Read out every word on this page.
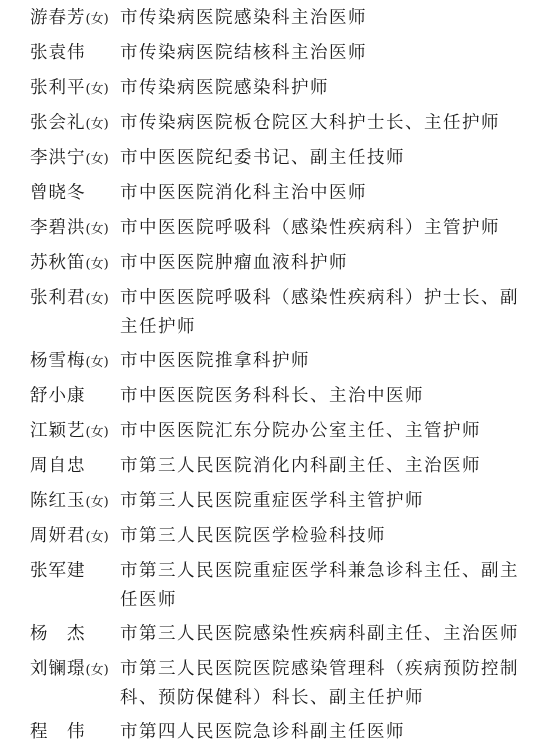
游春芳(女) 市传染病医院感染科主治医师
张袁伟	市传染病医院结核科主治医师
张利平(女) 市传染病医院感染科护师
张会礼(女) 市传染病医院板仓院区大科护士长、主任护师
李洪宁(女) 市中医医院纪委书记、副主任技师
曾晓冬	市中医医院消化科主治中医师
李碧洪(女) 市中医医院呼吸科（感染性疾病科）主管护师
苏秋笛(女) 市中医医院肿瘤血液科护师
张利君(女) 市中医医院呼吸科（感染性疾病科）护士长、副
主任护师
杨雪梅(女) 市中医医院推拿科护师
舒小康	市中医医院医务科科长、主治中医师
江颖艺(女) 市中医医院汇东分院办公室主任、主管护师
周自忠	市第三人民医院消化内科副主任、主治医师
陈红玉(女) 市第三人民医院重症医学科主管护师
周妍君(女) 市第三人民医院医学检验科技师
张军建	市第三人民医院重症医学科兼急诊科主任、副主
任医师
杨　杰	市第三人民医院感染性疾病科副主任、主治医师
刘镧璟(女) 市第三人民医院医院感染管理科（疾病预防控制
科、预防保健科）科长、副主任护师
程　伟	市第四人民医院急诊科副主任医师
